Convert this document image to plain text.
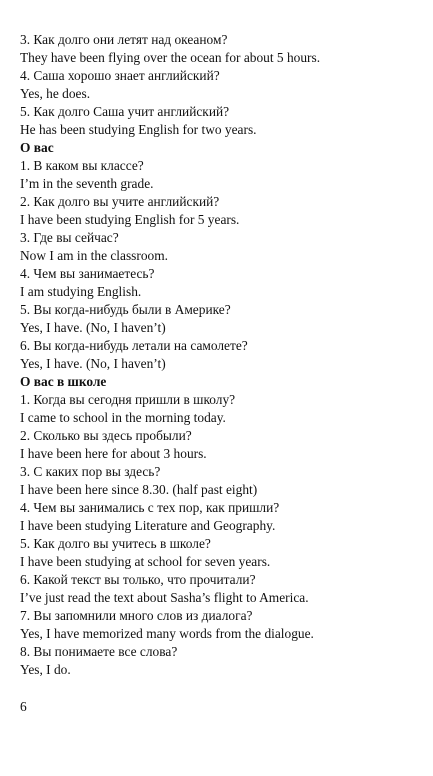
3. Как долго они летят над океаном?
They have been flying over the ocean for about 5 hours.
4. Саша хорошо знает английский?
Yes, he does.
5. Как долго Саша учит английский?
He has been studying English for two years.
О вас
1. В каком вы классе?
I’m in the seventh grade.
2. Как долго вы учите английский?
I have been studying English for 5 years.
3. Где вы сейчас?
Now I am in the classroom.
4. Чем вы занимаетесь?
I am studying English.
5. Вы когда-нибудь были в Америке?
Yes, I have. (No, I haven’t)
6. Вы когда-нибудь летали на самолете?
Yes, I have. (No, I haven’t)
О вас в школе
1. Когда вы сегодня пришли в школу?
I came to school in the morning today.
2. Сколько вы здесь пробыли?
I have been here for about 3 hours.
3. С каких пор вы здесь?
I have been here since 8.30. (half past eight)
4. Чем вы занимались с тех пор, как пришли?
I have been studying Literature and Geography.
5. Как долго вы учитесь в школе?
I have been studying at school for seven years.
6. Какой текст вы только, что прочитали?
I’ve just read the text about Sasha’s flight to America.
7. Вы запомнили много слов из диалога?
Yes, I have memorized many words from the dialogue.
8. Вы понимаете все слова?
Yes, I do.
6
